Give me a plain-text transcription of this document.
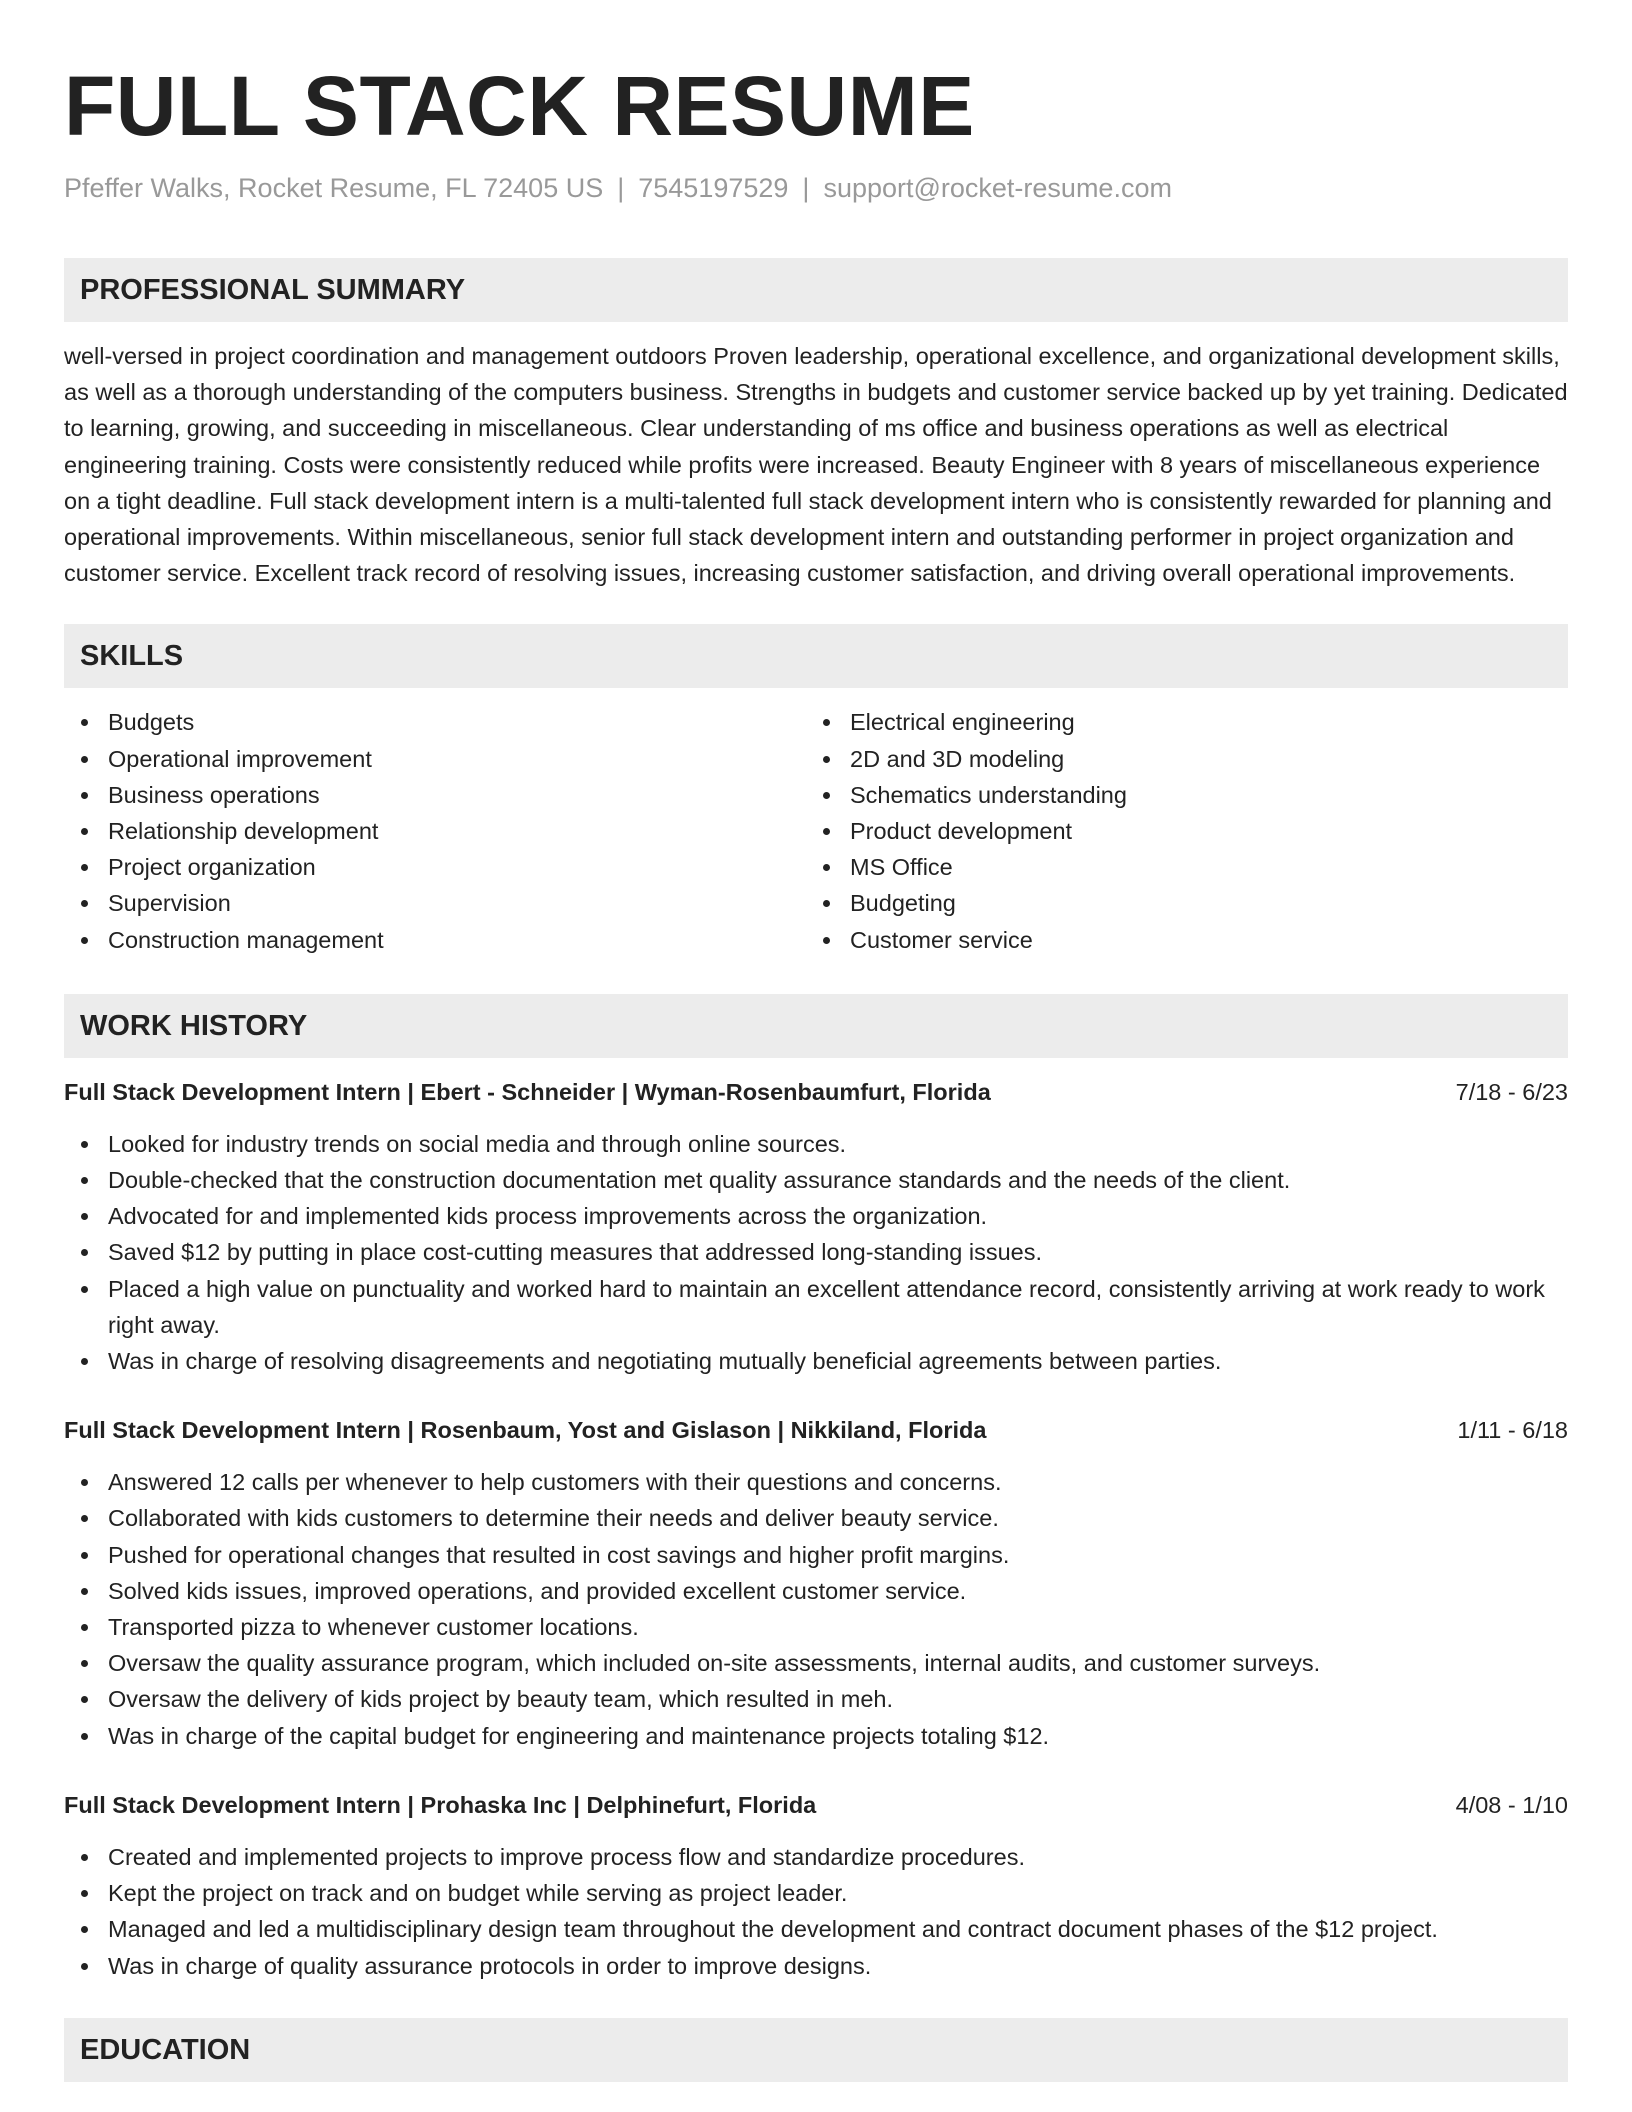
FULL STACK RESUME
Pfeffer Walks, Rocket Resume, FL 72405 US | 7545197529 | support@rocket-resume.com
PROFESSIONAL SUMMARY

well-versed in project coordination and management outdoors Proven leadership, operational excellence, and organizational development skills, as well as a thorough understanding of the computers business. Strengths in budgets and customer service backed up by yet training. Dedicated to learning, growing, and succeeding in miscellaneous. Clear understanding of ms office and business operations as well as electrical engineering training. Costs were consistently reduced while profits were increased. Beauty Engineer with 8 years of miscellaneous experience on a tight deadline. Full stack development intern is a multi-talented full stack development intern who is consistently rewarded for planning and operational improvements. Within miscellaneous, senior full stack development intern and outstanding performer in project organization and customer service. Excellent track record of resolving issues, increasing customer satisfaction, and driving overall operational improvements.

SKILLS
Budgets
Operational improvement
Business operations
Relationship development
Project organization
Supervision
Construction management
Electrical engineering
2D and 3D modeling
Schematics understanding
Product development
MS Office
Budgeting
Customer service
WORK HISTORY
Full Stack Development Intern | Ebert - Schneider | Wyman-Rosenbaumfurt, Florida	7/18 - 6/23
Looked for industry trends on social media and through online sources.
Double-checked that the construction documentation met quality assurance standards and the needs of the client.
Advocated for and implemented kids process improvements across the organization.
Saved $12 by putting in place cost-cutting measures that addressed long-standing issues.
Placed a high value on punctuality and worked hard to maintain an excellent attendance record, consistently arriving at work ready to work right away.
Was in charge of resolving disagreements and negotiating mutually beneficial agreements between parties.
Full Stack Development Intern | Rosenbaum, Yost and Gislason | Nikkiland, Florida	1/11 - 6/18
Answered 12 calls per whenever to help customers with their questions and concerns.
Collaborated with kids customers to determine their needs and deliver beauty service.
Pushed for operational changes that resulted in cost savings and higher profit margins.
Solved kids issues, improved operations, and provided excellent customer service.
Transported pizza to whenever customer locations.
Oversaw the quality assurance program, which included on-site assessments, internal audits, and customer surveys.
Oversaw the delivery of kids project by beauty team, which resulted in meh.
Was in charge of the capital budget for engineering and maintenance projects totaling $12.
Full Stack Development Intern | Prohaska Inc | Delphinefurt, Florida	4/08 - 1/10
Created and implemented projects to improve process flow and standardize procedures.
Kept the project on track and on budget while serving as project leader.
Managed and led a multidisciplinary design team throughout the development and contract document phases of the $12 project.
Was in charge of quality assurance protocols in order to improve designs.
EDUCATION
